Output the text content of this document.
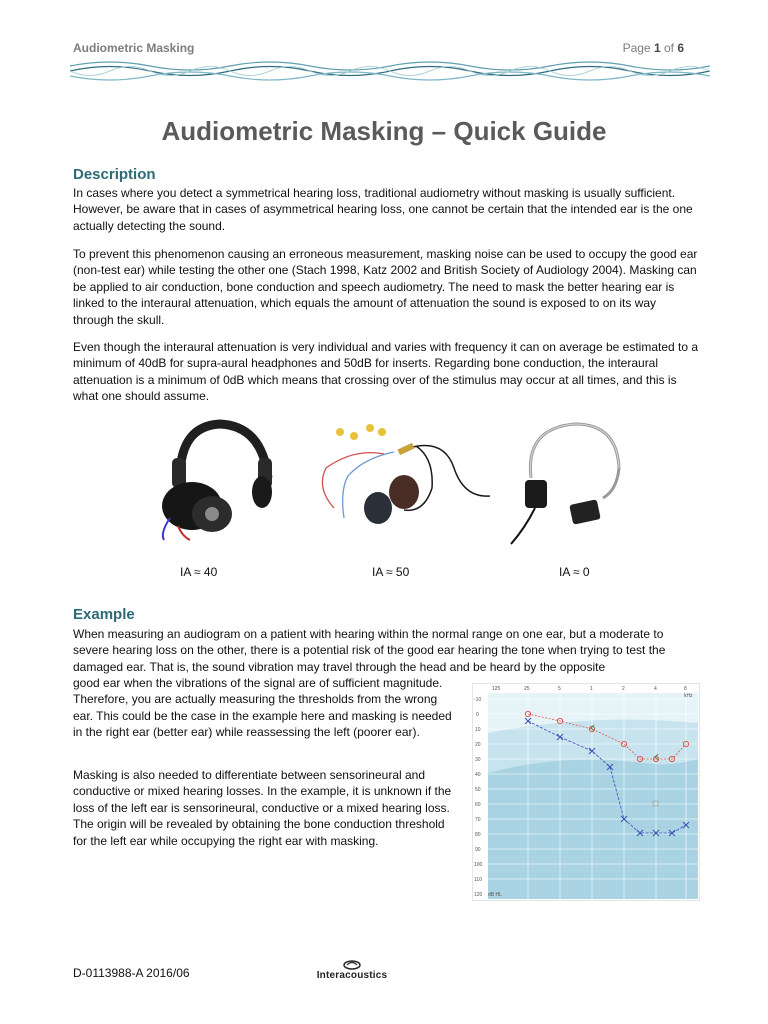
Audiometric Masking	Page 1 of 6
Audiometric Masking – Quick Guide
Description
In cases where you detect a symmetrical hearing loss, traditional audiometry without masking is usually sufficient. However, be aware that in cases of asymmetrical hearing loss, one cannot be certain that the intended ear is the one actually detecting the sound.
To prevent this phenomenon causing an erroneous measurement, masking noise can be used to occupy the good ear (non-test ear) while testing the other one (Stach 1998, Katz 2002 and British Society of Audiology 2004). Masking can be applied to air conduction, bone conduction and speech audiometry. The need to mask the better hearing ear is linked to the interaural attenuation, which equals the amount of attenuation the sound is exposed to on its way through the skull.
Even though the interaural attenuation is very individual and varies with frequency it can on average be estimated to a minimum of 40dB for supra-aural headphones and 50dB for inserts. Regarding bone conduction, the interaural attenuation is a minimum of 0dB which means that crossing over of the stimulus may occur at all times, and this is what one should assume.
IA ≈ 40	IA ≈ 50	IA ≈ 0
Example
When measuring an audiogram on a patient with hearing within the normal range on one ear, but a moderate to severe hearing loss on the other, there is a potential risk of the good ear hearing the tone when trying to test the damaged ear. That is, the sound vibration may travel through the head and be heard by the opposite
good ear when the vibrations of the signal are of sufficient magnitude. Therefore, you are actually measuring the thresholds from the wrong ear. This could be the case in the example here and masking is needed in the right ear (better ear) while reassessing the left (poorer ear).
Masking is also needed to differentiate between sensorineural and conductive or mixed hearing losses. In the example, it is unknown if the loss of the left ear is sensorineural, conductive or a mixed hearing loss. The origin will be revealed by obtaining the bone conduction threshold for the left ear while occupying the right ear with masking.
125	25	5	1	2	4	8
kHz
-10
0
10
20
30
40
50
60
70
80
90
100
110
120 dB HL
D-0113988-A 2016/06	Interacoustics
